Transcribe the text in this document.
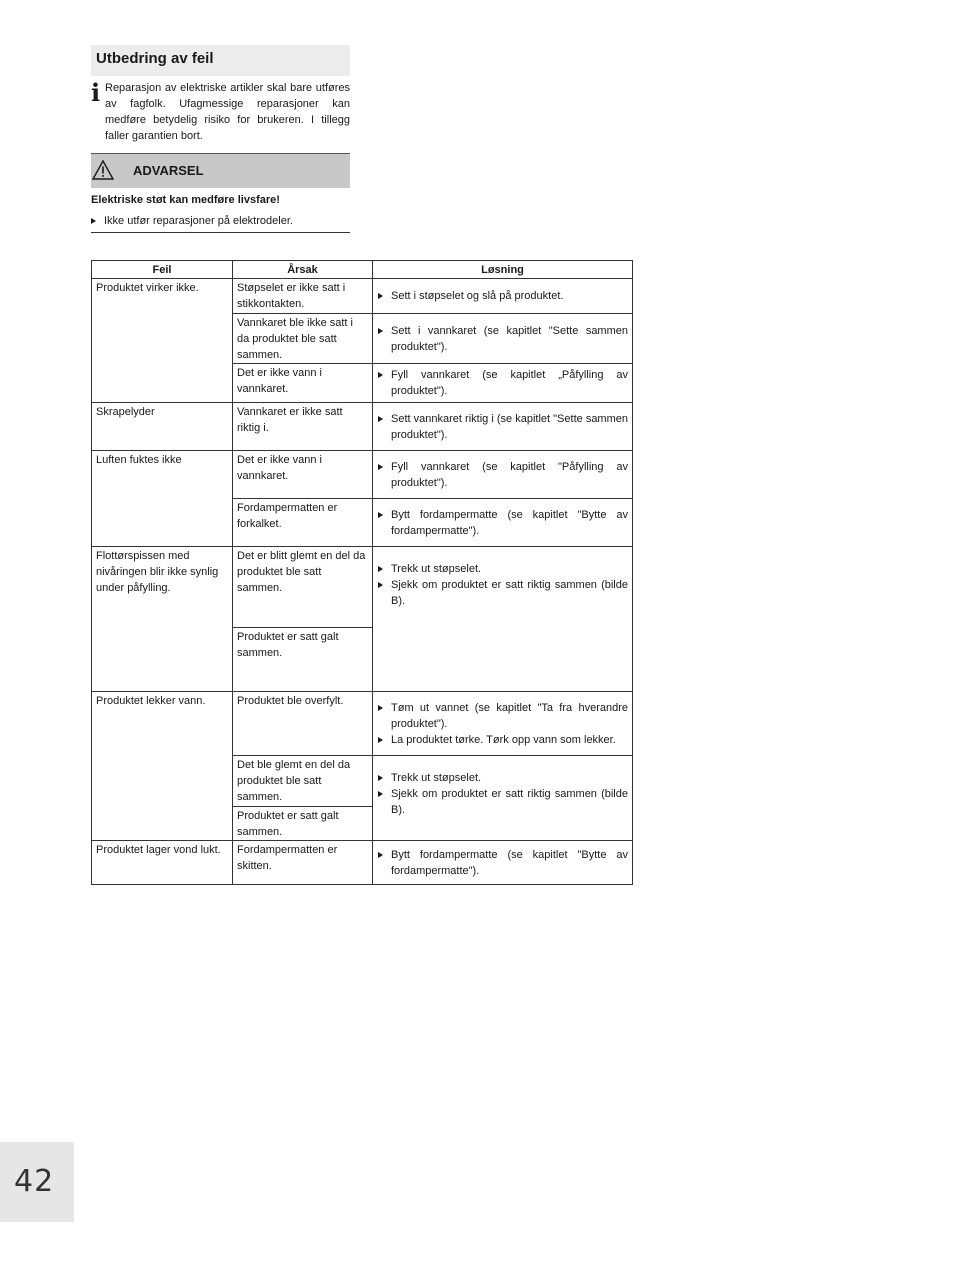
Utbedring av feil
i Reparasjon av elektriske artikler skal bare utføres av fagfolk. Ufagmessige reparasjoner kan medføre betydelig risiko for brukeren. I tillegg faller garantien bort.
ADVARSEL
Elektriske støt kan medføre livsfare!
Ikke utfør reparasjoner på elektrodeler.
Feil	Årsak	Løsning
Produktet virker ikke.	Støpselet er ikke satt i stikkontakten.	Sett i støpselet og slå på produktet.

	Vannkaret ble ikke satt i da produktet ble satt sammen.	Sett i vannkaret (se kapitlet "Sette sammen produktet").

	Det er ikke vann i vannkaret.	Fyll vannkaret (se kapitlet „Påfylling av produktet").

Skrapelyder	Vannkaret er ikke satt riktig i.	Sett vannkaret riktig i (se kapitlet "Sette sammen produktet").

Luften fuktes ikke	Det er ikke vann i vannkaret.	Fyll vannkaret (se kapitlet "Påfylling av produktet").

	Fordampermatten er forkalket.	Bytt fordampermatte (se kapitlet "Bytte av fordampermatte").

Flottørspissen med nivåringen blir ikke synlig under påfylling.	Det er blitt glemt en del da produktet ble satt sammen.	Trekk ut støpselet.
Sjekk om produktet er satt riktig sammen (bilde B).

	Produktet er satt galt sammen.	
Produktet lekker vann.	Produktet ble overfylt.	Tøm ut vannet (se kapitlet "Ta fra hverandre produktet").
La produktet tørke. Tørk opp vann som lekker.

	Det ble glemt en del da produktet ble satt sammen.	Trekk ut støpselet.
Sjekk om produktet er satt riktig sammen (bilde B).

	Produktet er satt galt sammen.	
Produktet lager vond lukt.	Fordampermatten er skitten.	Bytt fordampermatte (se kapitlet "Bytte av fordampermatte").
42
